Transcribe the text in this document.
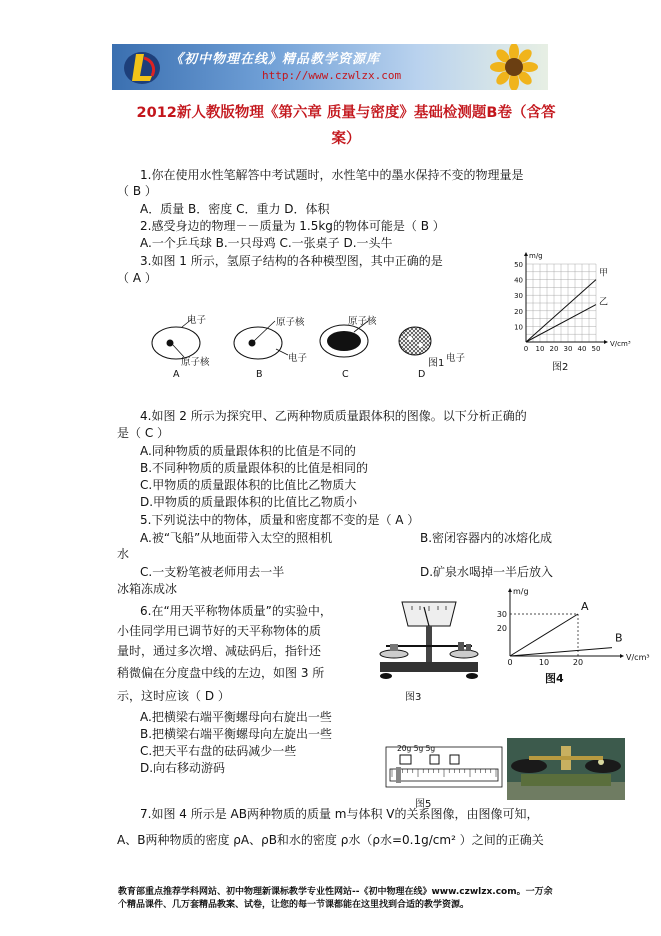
《初中物理在线》精品教学资源库
http://www.czwlzx.com
2012新人教版物理《第六章 质量与密度》基础检测题B卷（含答
案）
1.你在使用水性笔解答中考试题时，水性笔中的墨水保持不变的物理量是
（ B ）
A．质量 B．密度 C．重力 D．体积
2.感受身边的物理－－质量为 1.5kg的物体可能是（ B ）
A.一个乒乓球 B.一只母鸡 C.一张桌子 D.一头牛
3.如图 1 所示，氢原子结构的各种模型图，其中正确的是
（ A ）
电子
原子核
原子核
电子
原子核
电子
图1
A	B	C	D
0 10 20 30 40 50
10
20
30
40
50
V/cm³
m/g
甲
乙
图2
4.如图 2 所示为探究甲、乙两种物质质量跟体积的图像。以下分析正确的
是（ C ）
A.同种物质的质量跟体积的比值是不同的
B.不同种物质的质量跟体积的比值是相同的
C.甲物质的质量跟体积的比值比乙物质大
D.甲物质的质量跟体积的比值比乙物质小
5.下列说法中的物体，质量和密度都不变的是（ A ）
A.被“飞船”从地面带入太空的照相机	B.密闭容器内的冰熔化成
水
C.一支粉笔被老师用去一半	D.矿泉水喝掉一半后放入
冰箱冻成冰
6.在“用天平称物体质量”的实验中，
小佳同学用已调节好的天平称物体的质
量时，通过多次增、减砝码后，指针还
稍微偏在分度盘中线的左边，如图 3 所
示，这时应该（ D ）
A.把横梁右端平衡螺母向右旋出一些
B.把横梁右端平衡螺母向左旋出一些
C.把天平右盘的砝码减少一些
D.向右移动游码
图3
0	10	20
20
30
V/cm³
m/g
A
B
图4
20g 5g 5g
图5
7.如图 4 所示是 AB两种物质的质量 m与体积 V的关系图像，由图像可知，
A、B两种物质的密度 ρA、ρB和水的密度 ρ水（ρ水=0.1g/cm² ）之间的正确关
教育部重点推荐学科网站、初中物理新课标教学专业性网站--《初中物理在线》www.czwlzx.com。一万余
个精品课件、几万套精品教案、试卷，让您的每一节课都能在这里找到合适的教学资源。
